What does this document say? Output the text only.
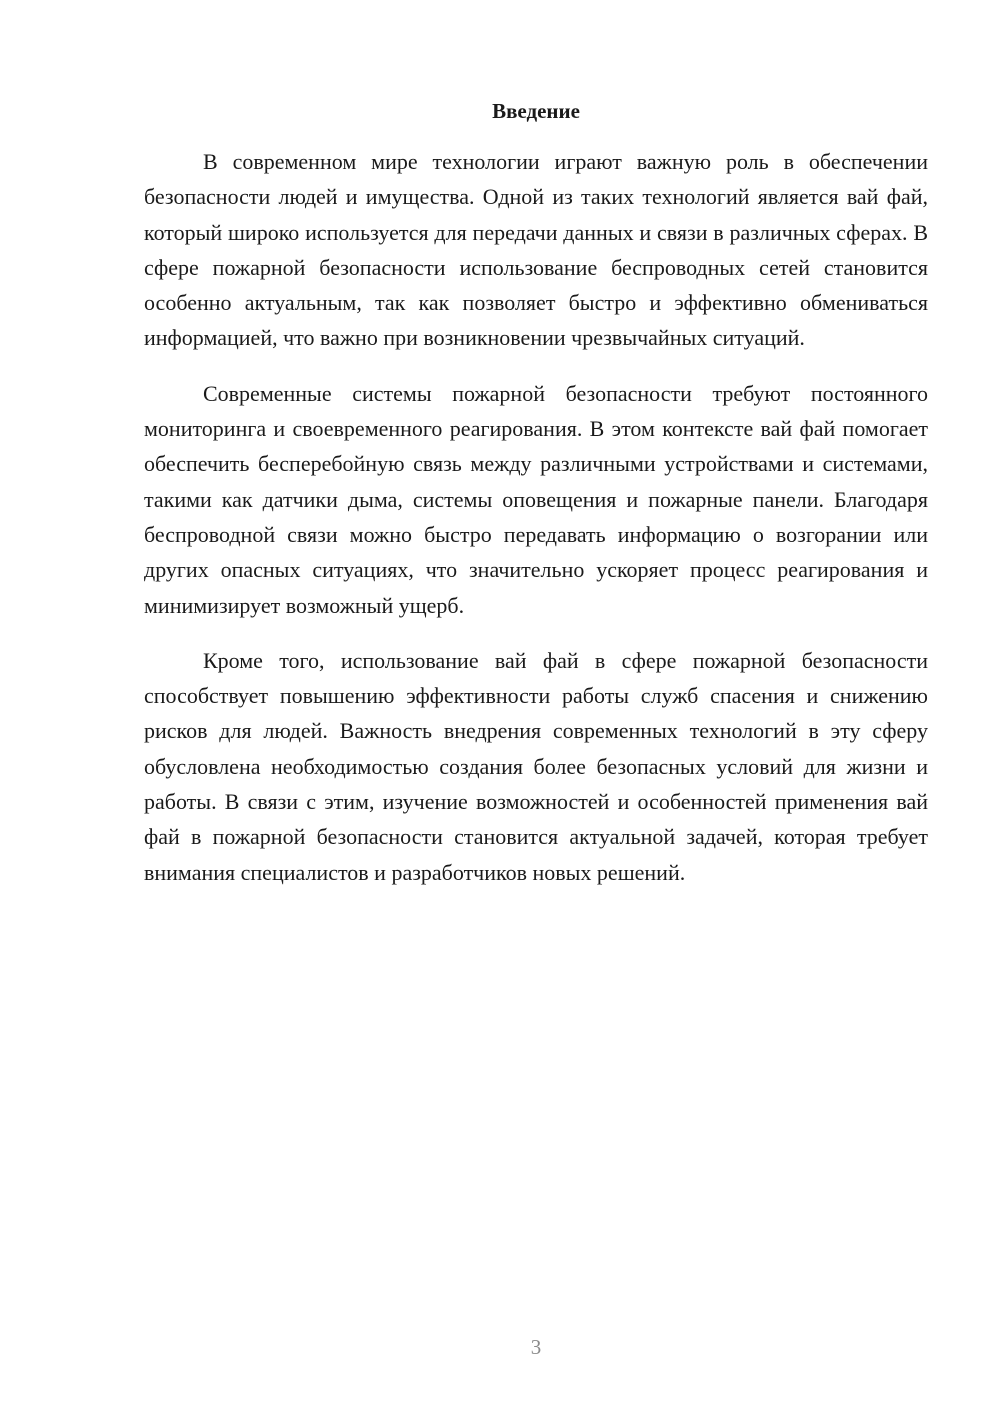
Введение

В современном мире технологии играют важную роль в обеспечении безопасности людей и имущества. Одной из таких технологий является вай фай, который широко используется для передачи данных и связи в различных сферах. В сфере пожарной безопасности использование беспроводных сетей становится особенно актуальным, так как позволяет быстро и эффективно обмениваться информацией, что важно при возникновении чрезвычайных ситуаций.

Современные системы пожарной безопасности требуют постоянного мониторинга и своевременного реагирования. В этом контексте вай фай помогает обеспечить бесперебойную связь между различными устройствами и системами, такими как датчики дыма, системы оповещения и пожарные панели. Благодаря беспроводной связи можно быстро передавать информацию о возгорании или других опасных ситуациях, что значительно ускоряет процесс реагирования и минимизирует возможный ущерб.

Кроме того, использование вай фай в сфере пожарной безопасности способствует повышению эффективности работы служб спасения и снижению рисков для людей. Важность внедрения современных технологий в эту сферу обусловлена необходимостью создания более безопасных условий для жизни и работы. В связи с этим, изучение возможностей и особенностей применения вай фай в пожарной безопасности становится актуальной задачей, которая требует внимания специалистов и разработчиков новых решений.

3
